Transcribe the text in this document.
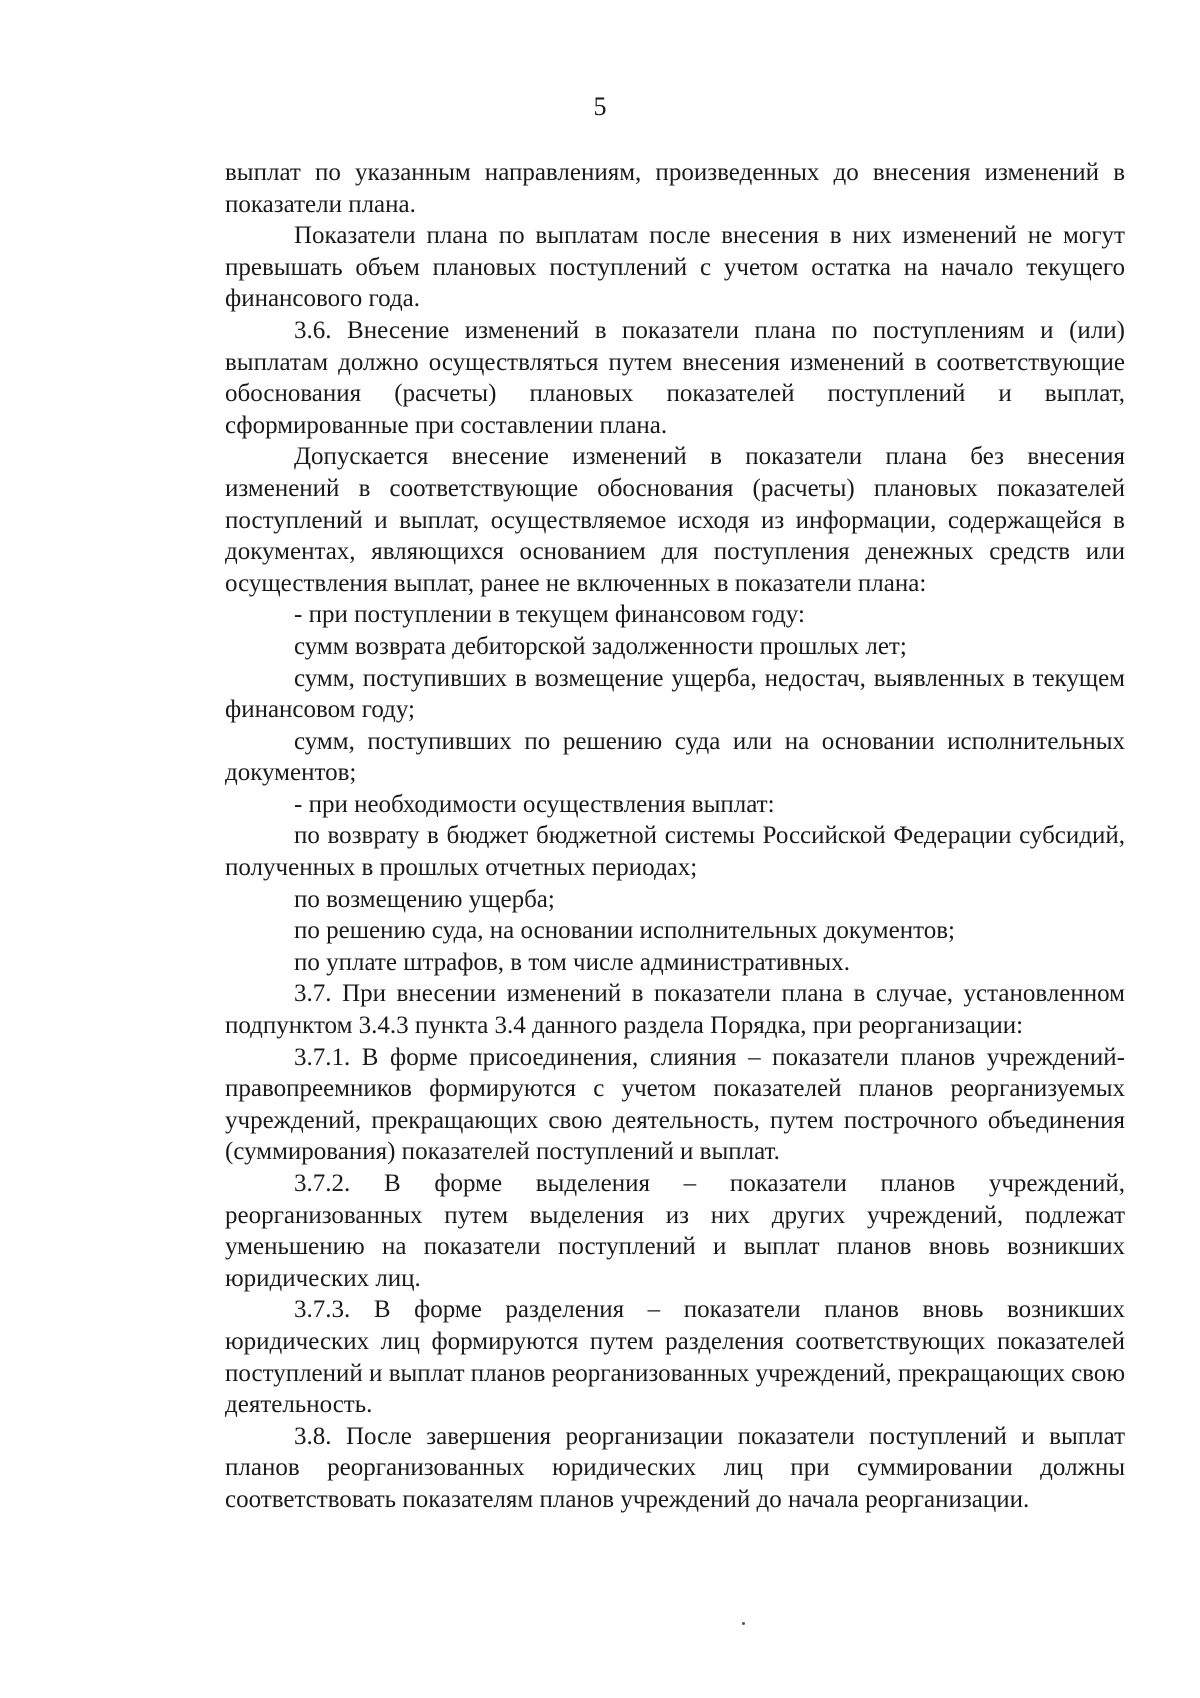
5

выплат по указанным направлениям, произведенных до внесения изменений в показатели плана.

Показатели плана по выплатам после внесения в них изменений не могут превышать объем плановых поступлений с учетом остатка на начало текущего финансового года.

3.6. Внесение изменений в показатели плана по поступлениям и (или) выплатам должно осуществляться путем внесения изменений в соответствующие обоснования (расчеты) плановых показателей поступлений и выплат, сформированные при составлении плана.

Допускается внесение изменений в показатели плана без внесения изменений в соответствующие обоснования (расчеты) плановых показателей поступлений и выплат, осуществляемое исходя из информации, содержащейся в документах, являющихся основанием для поступления денежных средств или осуществления выплат, ранее не включенных в показатели плана:

- при поступлении в текущем финансовом году:

сумм возврата дебиторской задолженности прошлых лет;

сумм, поступивших в возмещение ущерба, недостач, выявленных в текущем финансовом году;

сумм, поступивших по решению суда или на основании исполнительных документов;

- при необходимости осуществления выплат:

по возврату в бюджет бюджетной системы Российской Федерации субсидий, полученных в прошлых отчетных периодах;

по возмещению ущерба;

по решению суда, на основании исполнительных документов;

по уплате штрафов, в том числе административных.

3.7. При внесении изменений в показатели плана в случае, установленном подпунктом 3.4.3 пункта 3.4 данного раздела Порядка, при реорганизации:

3.7.1. В форме присоединения, слияния – показатели планов учреждений-правопреемников формируются с учетом показателей планов реорганизуемых учреждений, прекращающих свою деятельность, путем построчного объединения (суммирования) показателей поступлений и выплат.

3.7.2. В форме выделения – показатели планов учреждений, реорганизованных путем выделения из них других учреждений, подлежат уменьшению на показатели поступлений и выплат планов вновь возникших юридических лиц.

3.7.3. В форме разделения – показатели планов вновь возникших юридических лиц формируются путем разделения соответствующих показателей поступлений и выплат планов реорганизованных учреждений, прекращающих свою деятельность.

3.8. После завершения реорганизации показатели поступлений и выплат планов реорганизованных юридических лиц при суммировании должны соответствовать показателям планов учреждений до начала реорганизации.
